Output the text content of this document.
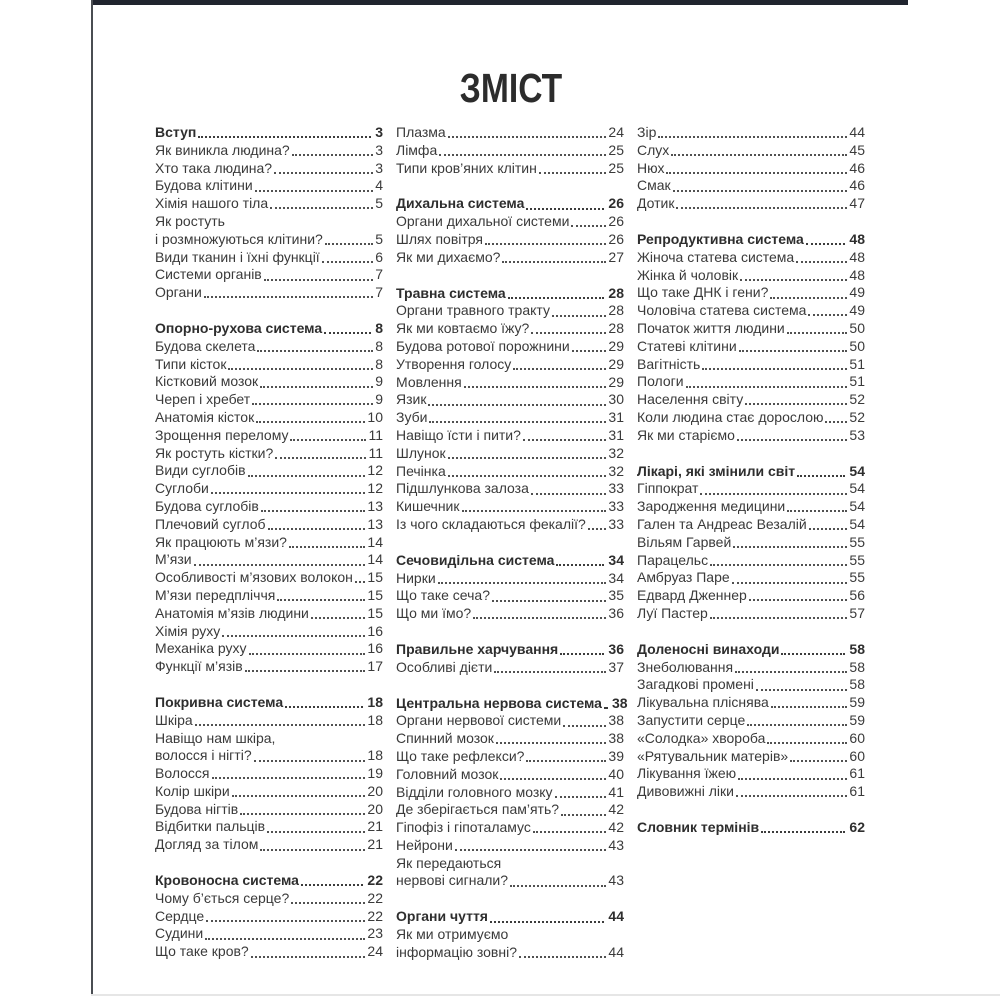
ЗМІСТ
Вступ	3
Як виникла людина?	3
Хто така людина?	3
Будова клітини	4
Хімія нашого тіла	5
Як ростуть
і розмножуються клітини?	5
Види тканин і їхні функції	6
Системи органів	7
Органи	7
Опорно-рухова система	8
Будова скелета	8
Типи кісток	8
Кістковий мозок	9
Череп і хребет	9
Анатомія кісток	10
Зрощення перелому	11
Як ростуть кістки?	11
Види суглобів	12
Суглоби	12
Будова суглобів	13
Плечовий суглоб	13
Як працюють м’язи?	14
М’язи	14
Особливості м’язових волокон 15
М’язи передпліччя	15
Анатомія м’язів людини	15
Хімія руху	16
Механіка руху	16
Функції м’язів	17
Покривна система	18
Шкіра	18
Навіщо нам шкіра,
волосся і нігті?	18
Волосся	19
Колір шкіри	20
Будова нігтів	20
Відбитки пальців	21
Догляд за тілом	21
Кровоносна система	22
Чому б’ється серце?	22
Сердце	22
Судини	23
Що таке кров?	24
Плазма	24
Лімфа	25
Типи кров’яних клітин	25
Дихальна система	26
Органи дихальної системи	26
Шлях повітря	26
Як ми дихаємо?	27
Травна система	28
Органи травного тракту	28
Як ми ковтаємо їжу?	28
Будова ротової порожнини	29
Утворення голосу	29
Мовлення	29
Язик	30
Зуби	31
Навіщо їсти і пити?	31
Шлунок	32
Печінка	32
Підшлункова залоза	33
Кишечник	33
Із чого складаються фекалії? 33
Сечовидільна система	34
Нирки	34
Що таке сеча?	35
Що ми їмо?	36
Правильне харчування	36
Особливі дієти	37
Центральна нервова система 38
Органи нервової системи	38
Спинний мозок	38
Що таке рефлекси?	39
Головний мозок	40
Відділи головного мозку	41
Де зберігається пам’ять?	42
Гіпофіз і гіпоталамус	42
Нейрони	43
Як передаються
нервові сигнали?	43
Органи чуття	44
Як ми отримуємо
інформацію зовні?	44
Зір	44
Слух	45
Нюх	46
Смак	46
Дотик	47
Репродуктивна система	48
Жіноча статева система	48
Жінка й чоловік	48
Що таке ДНК і гени?	49
Чоловіча статева система	49
Початок життя людини	50
Статеві клітини	50
Вагітність	51
Пологи	51
Населення світу	52
Коли людина стає дорослою 52
Як ми старіємо	53
Лікарі, які змінили світ	54
Гіппократ	54
Зародження медицини	54
Гален та Андреас Везалій	54
Вільям Гарвей	55
Парацельс	55
Амбруаз Паре	55
Едвард Дженнер	56
Луї Пастер	57
Доленосні винаходи	58
Знеболювання	58
Загадкові промені	58
Лікувальна пліснява	59
Запустити серце	59
«Солодка» хвороба	60
«Рятувальник матерів»	60
Лікування їжею	61
Дивовижні ліки	61
Словник термінів	62
